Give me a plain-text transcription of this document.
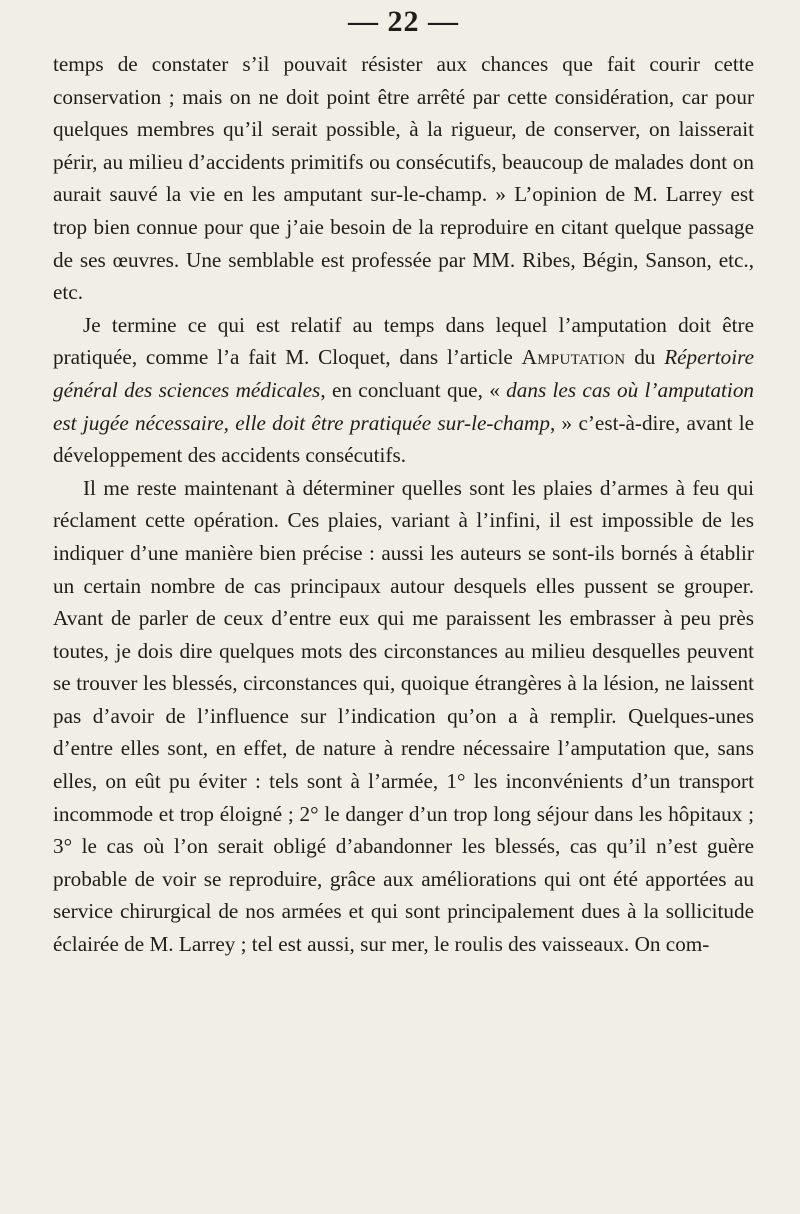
— 22 —

temps de constater s’il pouvait résister aux chances que fait courir cette conservation ; mais on ne doit point être arrêté par cette considération, car pour quelques membres qu’il serait possible, à la rigueur, de conserver, on laisserait périr, au milieu d’accidents primitifs ou consécutifs, beaucoup de malades dont on aurait sauvé la vie en les amputant sur-le-champ. » L’opinion de M. Larrey est trop bien connue pour que j’aie besoin de la reproduire en citant quelque passage de ses œuvres. Une semblable est professée par MM. Ribes, Bégin, Sanson, etc., etc.

Je termine ce qui est relatif au temps dans lequel l’amputation doit être pratiquée, comme l’a fait M. Cloquet, dans l’article Amputation du Répertoire général des sciences médicales, en concluant que, « dans les cas où l’amputation est jugée nécessaire, elle doit être pratiquée sur-le-champ, » c’est-à-dire, avant le développement des accidents consécutifs.

Il me reste maintenant à déterminer quelles sont les plaies d’armes à feu qui réclament cette opération. Ces plaies, variant à l’infini, il est impossible de les indiquer d’une manière bien précise : aussi les auteurs se sont-ils bornés à établir un certain nombre de cas principaux autour desquels elles pussent se grouper. Avant de parler de ceux d’entre eux qui me paraissent les embrasser à peu près toutes, je dois dire quelques mots des circonstances au milieu desquelles peuvent se trouver les blessés, circonstances qui, quoique étrangères à la lésion, ne laissent pas d’avoir de l’influence sur l’indication qu’on a à remplir. Quelques-unes d’entre elles sont, en effet, de nature à rendre nécessaire l’amputation que, sans elles, on eût pu éviter : tels sont à l’armée, 1° les inconvénients d’un transport incommode et trop éloigné ; 2° le danger d’un trop long séjour dans les hôpitaux ; 3° le cas où l’on serait obligé d’abandonner les blessés, cas qu’il n’est guère probable de voir se reproduire, grâce aux améliorations qui ont été apportées au service chirurgical de nos armées et qui sont principalement dues à la sollicitude éclairée de M. Larrey ; tel est aussi, sur mer, le roulis des vaisseaux. On com-
